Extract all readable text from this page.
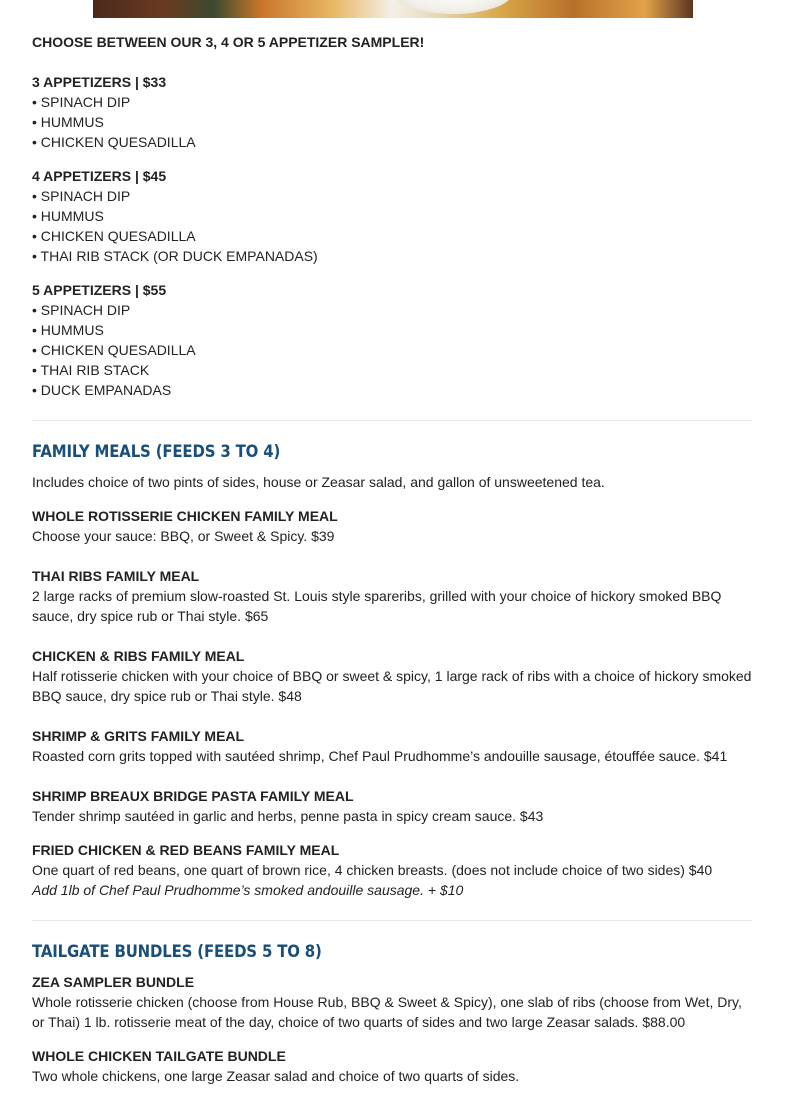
CHOOSE BETWEEN OUR 3, 4 OR 5 APPETIZER SAMPLER!
3 APPETIZERS | $33
• SPINACH DIP
• HUMMUS
• CHICKEN QUESADILLA
4 APPETIZERS | $45
• SPINACH DIP
• HUMMUS
• CHICKEN QUESADILLA
• THAI RIB STACK (OR DUCK EMPANADAS)
5 APPETIZERS | $55
• SPINACH DIP
• HUMMUS
• CHICKEN QUESADILLA
• THAI RIB STACK
• DUCK EMPANADAS
FAMILY MEALS (FEEDS 3 TO 4)
Includes choice of two pints of sides, house or Zeasar salad, and gallon of unsweetened tea.
WHOLE ROTISSERIE CHICKEN FAMILY MEAL
Choose your sauce: BBQ, or Sweet & Spicy. $39
THAI RIBS FAMILY MEAL
2 large racks of premium slow-roasted St. Louis style spareribs, grilled with your choice of hickory smoked BBQ sauce, dry spice rub or Thai style. $65
CHICKEN & RIBS FAMILY MEAL
Half rotisserie chicken with your choice of BBQ or sweet & spicy, 1 large rack of ribs with a choice of hickory smoked BBQ sauce, dry spice rub or Thai style. $48
SHRIMP & GRITS FAMILY MEAL
Roasted corn grits topped with sautéed shrimp, Chef Paul Prudhomme’s andouille sausage, étouffée sauce. $41
SHRIMP BREAUX BRIDGE PASTA FAMILY MEAL
Tender shrimp sautéed in garlic and herbs, penne pasta in spicy cream sauce. $43
FRIED CHICKEN & RED BEANS FAMILY MEAL
One quart of red beans, one quart of brown rice, 4 chicken breasts. (does not include choice of two sides) $40
Add 1lb of Chef Paul Prudhomme’s smoked andouille sausage. + $10
TAILGATE BUNDLES (FEEDS 5 TO 8)
ZEA SAMPLER BUNDLE
Whole rotisserie chicken (choose from House Rub, BBQ & Sweet & Spicy), one slab of ribs (choose from Wet, Dry, or Thai) 1 lb. rotisserie meat of the day, choice of two quarts of sides and two large Zeasar salads. $88.00
WHOLE CHICKEN TAILGATE BUNDLE
Two whole chickens, one large Zeasar salad and choice of two quarts of sides.
